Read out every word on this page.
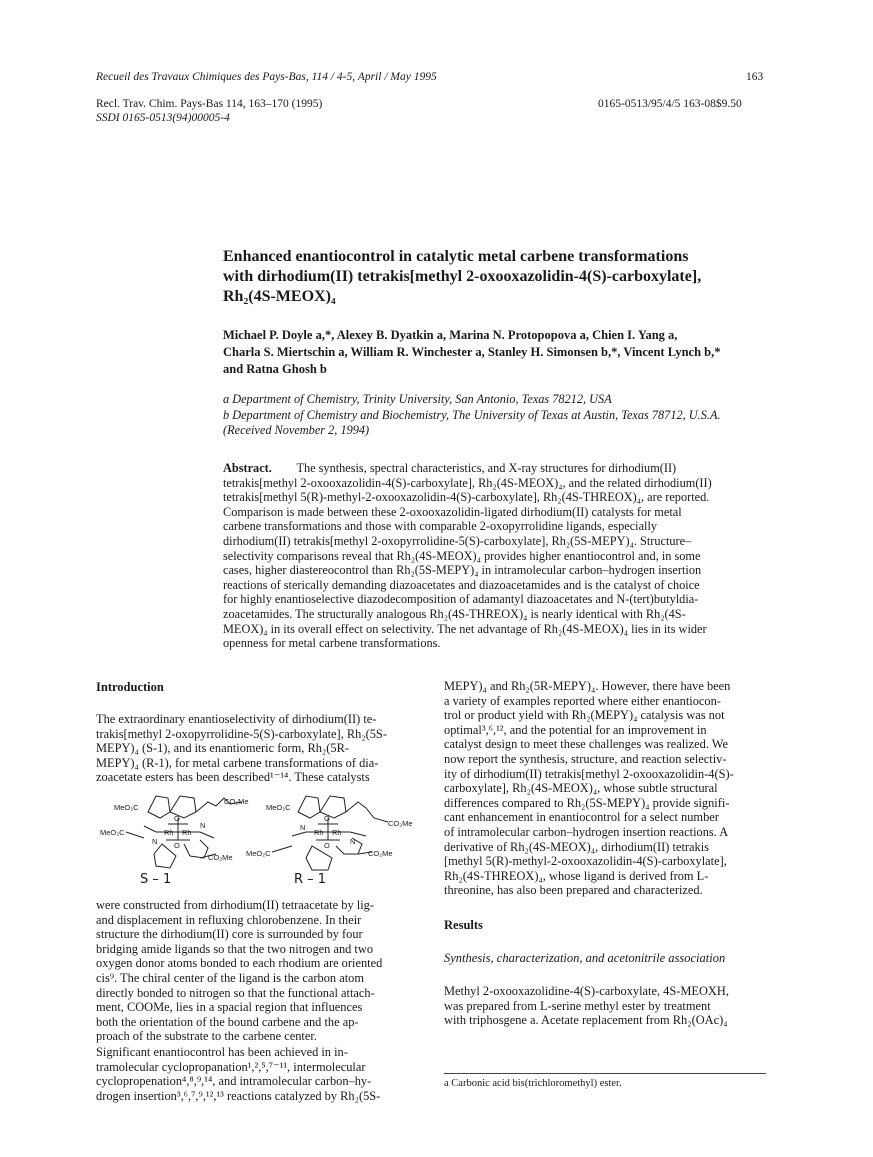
Recueil des Travaux Chimiques des Pays-Bas, 114 / 4-5, April / May 1995	163
Recl. Trav. Chim. Pays-Bas 114, 163–170 (1995)
SSDI 0165-0513(94)00005-4
0165-0513/95/4/5 163-08$9.50
Enhanced enantiocontrol in catalytic metal carbene transformations
with dirhodium(II) tetrakis[methyl 2-oxooxazolidin-4(S)-carboxylate],
Rh₂(4S-MEOX)₄
Michael P. Doyle a,*, Alexey B. Dyatkin a, Marina N. Protopopova a, Chien I. Yang a,
Charla S. Miertschin a, William R. Winchester a, Stanley H. Simonsen b,*, Vincent Lynch b,*
and Ratna Ghosh b
a Department of Chemistry, Trinity University, San Antonio, Texas 78212, USA
b Department of Chemistry and Biochemistry, The University of Texas at Austin, Texas 78712, U.S.A.
(Received November 2, 1994)
Abstract.  The synthesis, spectral characteristics, and X-ray structures for dirhodium(II)
tetrakis[methyl 2-oxooxazolidin-4(S)-carboxylate], Rh₂(4S-MEOX)₄, and the related dirhodium(II)
tetrakis[methyl 5(R)-methyl-2-oxooxazolidin-4(S)-carboxylate], Rh₂(4S-THREOX)₄, are reported.
Comparison is made between these 2-oxooxazolidin-ligated dirhodium(II) catalysts for metal
carbene transformations and those with comparable 2-oxopyrrolidine ligands, especially
dirhodium(II) tetrakis[methyl 2-oxopyrrolidine-5(S)-carboxylate], Rh₂(5S-MEPY)₄. Structure–
selectivity comparisons reveal that Rh₂(4S-MEOX)₄ provides higher enantiocontrol and, in some
cases, higher diastereocontrol than Rh₂(5S-MEPY)₄ in intramolecular carbon–hydrogen insertion
reactions of sterically demanding diazoacetates and diazoacetamides and is the catalyst of choice
for highly enantioselective diazodecomposition of adamantyl diazoacetates and N-(tert)butyldia-
zoacetamides. The structurally analogous Rh₂(4S-THREOX)₄ is nearly identical with Rh₂(4S-
MEOX)₄ in its overall effect on selectivity. The net advantage of Rh₂(4S-MEOX)₄ lies in its wider
openness for metal carbene transformations.
Introduction
The extraordinary enantioselectivity of dirhodium(II) te-
trakis[methyl 2-oxopyrrolidine-5(S)-carboxylate], Rh₂(5S-
MEPY)₄ (S-1), and its enantiomeric form, Rh₂(5R-
MEPY)₄ (R-1), for metal carbene transformations of dia-
zoacetate esters has been described¹⁻¹⁴. These catalysts
MeO₂C
CO₂Me
MeO₂C
CO₂Me
Rh Rh
N
N
O
O
MeO₂C
CO₂Me
MeO₂C	CO₂Me
Rh Rh
N
N
O
O
S – 1	R – 1
were constructed from dirhodium(II) tetraacetate by lig-
and displacement in refluxing chlorobenzene. In their
structure the dirhodium(II) core is surrounded by four
bridging amide ligands so that the two nitrogen and two
oxygen donor atoms bonded to each rhodium are oriented
cis⁹. The chiral center of the ligand is the carbon atom
directly bonded to nitrogen so that the functional attach-
ment, COOMe, lies in a spacial region that influences
both the orientation of the bound carbene and the ap-
proach of the substrate to the carbene center.
Significant enantiocontrol has been achieved in in-
tramolecular cyclopropanation¹,²,⁵,⁷⁻¹¹, intermolecular
cyclopropenation⁴,⁸,⁹,¹⁴, and intramolecular carbon–hy-
drogen insertion³,⁶,⁷,⁹,¹²,¹³ reactions catalyzed by Rh₂(5S-
MEPY)₄ and Rh₂(5R-MEPY)₄. However, there have been
a variety of examples reported where either enantiocon-
trol or product yield with Rh₂(MEPY)₄ catalysis was not
optimal³,⁶,¹², and the potential for an improvement in
catalyst design to meet these challenges was realized. We
now report the synthesis, structure, and reaction selectiv-
ity of dirhodium(II) tetrakis[methyl 2-oxooxazolidin-4(S)-
carboxylate], Rh₂(4S-MEOX)₄, whose subtle structural
differences compared to Rh₂(5S-MEPY)₄ provide signifi-
cant enhancement in enantiocontrol for a select number
of intramolecular carbon–hydrogen insertion reactions. A
derivative of Rh₂(4S-MEOX)₄, dirhodium(II) tetrakis
[methyl 5(R)-methyl-2-oxooxazolidin-4(S)-carboxylate],
Rh₂(4S-THREOX)₄, whose ligand is derived from L-
threonine, has also been prepared and characterized.
Results
Synthesis, characterization, and acetonitrile association
Methyl 2-oxooxazolidine-4(S)-carboxylate, 4S-MEOXH,
was prepared from L-serine methyl ester by treatment
with triphosgene a. Acetate replacement from Rh₂(OAc)₄
a Carbonic acid bis(trichloromethyl) ester.
